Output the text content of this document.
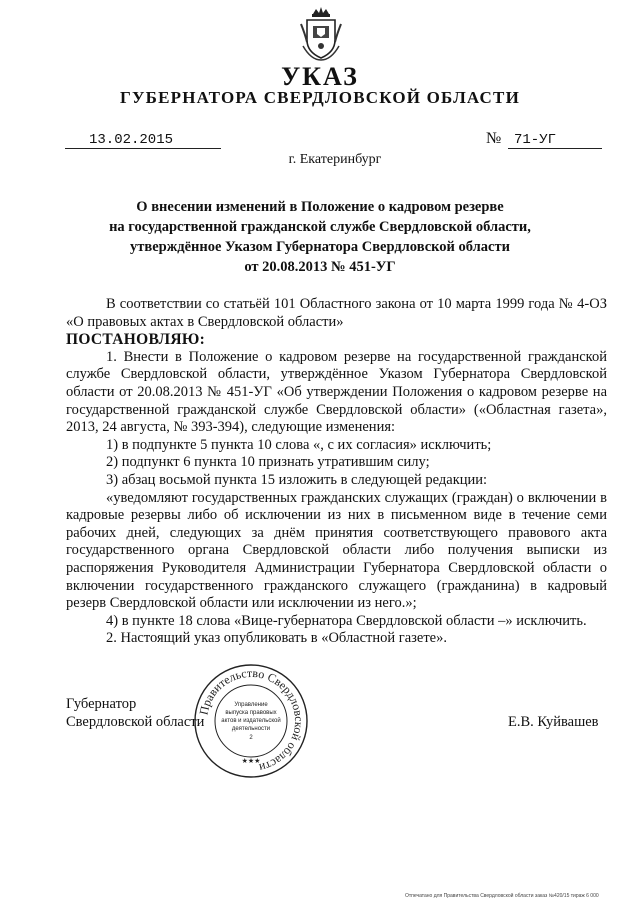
УКАЗ
ГУБЕРНАТОРА СВЕРДЛОВСКОЙ ОБЛАСТИ
13.02.2015	№ 71-УГ
г. Екатеринбург
О внесении изменений в Положение о кадровом резерве
на государственной гражданской службе Свердловской области,
утверждённое Указом Губернатора Свердловской области
от 20.08.2013 № 451-УГ

В соответствии со статьёй 101 Областного закона от 10 марта 1999 года № 4-ОЗ «О правовых актах в Свердловской области»

ПОСТАНОВЛЯЮ:

1. Внести в Положение о кадровом резерве на государственной гражданской службе Свердловской области, утверждённое Указом Губернатора Свердловской области от 20.08.2013 № 451-УГ «Об утверждении Положения о кадровом резерве на государственной гражданской службе Свердловской области» («Областная газета», 2013, 24 августа, № 393-394), следующие изменения:

1) в подпункте 5 пункта 10 слова «, с их согласия» исключить;

2) подпункт 6 пункта 10 признать утратившим силу;

3) абзац восьмой пункта 15 изложить в следующей редакции:

«уведомляют государственных гражданских служащих (граждан) о включении в кадровые резервы либо об исключении из них в письменном виде в течение семи рабочих дней, следующих за днём принятия соответствующего правового акта государственного органа Свердловской области либо получения выписки из распоряжения Руководителя Администрации Губернатора Свердловской области о включении государственного гражданского служащего (гражданина) в кадровый резерв Свердловской области или исключении из него.»;

4) в пункте 18 слова «Вице-губернатора Свердловской области –» исключить.

2. Настоящий указ опубликовать в «Областной газете».

Губернатор
Свердловской области	Е.В. Куйвашев
Правительство Свердловской области
Управление
выпуска правовых
актов и издательской
деятельности
2
★★★
Отпечатано для Правительства Свердловской области заказ №420/15 тираж 6 000
